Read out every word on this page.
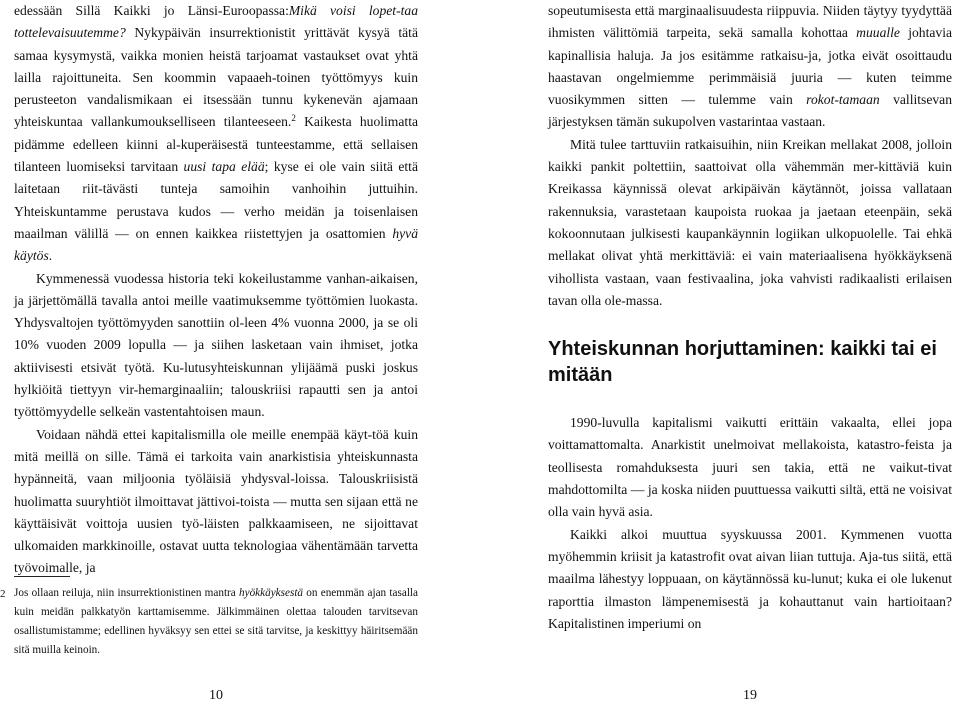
edessään Sillä Kaikki jo Länsi-Euroopassa:Mikä voisi lopet-taa tottelevaisuutemme? Nykypäivän insurrektionistit yrittävät kysyä tätä samaa kysymystä, vaikka monien heistä tarjoamat vastaukset ovat yhtä lailla rajoittuneita. Sen koommin vapaaeh-toinen työttömyys kuin perusteeton vandalismikaan ei itsessään tunnu kykenevän ajamaan yhteiskuntaa vallankumoukselliseen tilanteeseen.$^2$ Kaikesta huolimatta pidämme edelleen kiinni al-kuperäisestä tunteestamme, että sellaisen tilanteen luomiseksi tarvitaan uusi tapa elää; kyse ei ole vain siitä että laitetaan riit-tävästi tunteja samoihin vanhoihin juttuihin. Yhteiskuntamme perustava kudos — verho meidän ja toisenlaisen maailman välillä — on ennen kaikkea riistettyjen ja osattomien hyvä käytös.

Kymmenessä vuodessa historia teki kokeilustamme vanhan-aikaisen, ja järjettömällä tavalla antoi meille vaatimuksemme työttömien luokasta. Yhdysvaltojen työttömyyden sanottiin ol-leen 4% vuonna 2000, ja se oli 10% vuoden 2009 lopulla — ja siihen lasketaan vain ihmiset, jotka aktiivisesti etsivät työtä. Ku-lutusyhteiskunnan ylijäämä puski joskus hylkiöitä tiettyyn vir-hemarginaaliin; talouskriisi rapautti sen ja antoi työttömyydelle selkeän vastentahtoisen maun.

Voidaan nähdä ettei kapitalismilla ole meille enempää käyt-töä kuin mitä meillä on sille. Tämä ei tarkoita vain anarkistisia yhteiskunnasta hypänneitä, vaan miljoonia työläisiä yhdysval-loissa. Talouskriisistä huolimatta suuryhtiöt ilmoittavat jättivoi-toista — mutta sen sijaan että ne käyttäisivät voittoja uusien työ-läisten palkkaamiseen, ne sijoittavat ulkomaiden markkinoille, ostavat uutta teknologiaa vähentämään tarvetta työvoimalle, ja

2 Jos ollaan reiluja, niin insurrektionistinen mantra hyökkäyksestä on enemmän ajan tasalla kuin meidän palkkatyön karttamisemme. Jälkimmäinen olettaa talouden tarvitsevan osallistumistamme; edellinen hyväksyy sen ettei se sitä tarvitse, ja keskittyy häiritsemään sitä muilla keinoin.

sopeutumisesta että marginaalisuudesta riippuvia. Niiden täytyy tyydyttää ihmisten välittömiä tarpeita, sekä samalla kohottaa muualle johtavia kapinallisia haluja. Ja jos esitämme ratkaisu-ja, jotka eivät osoittaudu haastavan ongelmiemme perimmäisiä juuria — kuten teimme vuosikymmen sitten — tulemme vain rokot-tamaan vallitsevan järjestyksen tämän sukupolven vastarintaa vastaan.

Mitä tulee tarttuviin ratkaisuihin, niin Kreikan mellakat 2008, jolloin kaikki pankit poltettiin, saattoivat olla vähemmän mer-kittäviä kuin Kreikassa käynnissä olevat arkipäivän käytännöt, joissa vallataan rakennuksia, varastetaan kaupoista ruokaa ja jaetaan eteenpäin, sekä kokoonnutaan julkisesti kaupankäynnin logiikan ulkopuolelle. Tai ehkä mellakat olivat yhtä merkittäviä: ei vain materiaalisena hyökkäyksenä vihollista vastaan, vaan festivaalina, joka vahvisti radikaalisti erilaisen tavan olla ole-massa.

Yhteiskunnan horjuttaminen: kaikki tai ei mitään

1990-luvulla kapitalismi vaikutti erittäin vakaalta, ellei jopa voittamattomalta. Anarkistit unelmoivat mellakoista, katastro-feista ja teollisesta romahduksesta juuri sen takia, että ne vaikut-tivat mahdottomilta — ja koska niiden puuttuessa vaikutti siltä, että ne voisivat olla vain hyvä asia.

Kaikki alkoi muuttua syyskuussa 2001. Kymmenen vuotta myöhemmin kriisit ja katastrofit ovat aivan liian tuttuja. Aja-tus siitä, että maailma lähestyy loppuaan, on käytännössä ku-lunut; kuka ei ole lukenut raporttia ilmaston lämpenemisestä ja kohauttanut vain hartioitaan? Kapitalistinen imperiumi on

10	19
